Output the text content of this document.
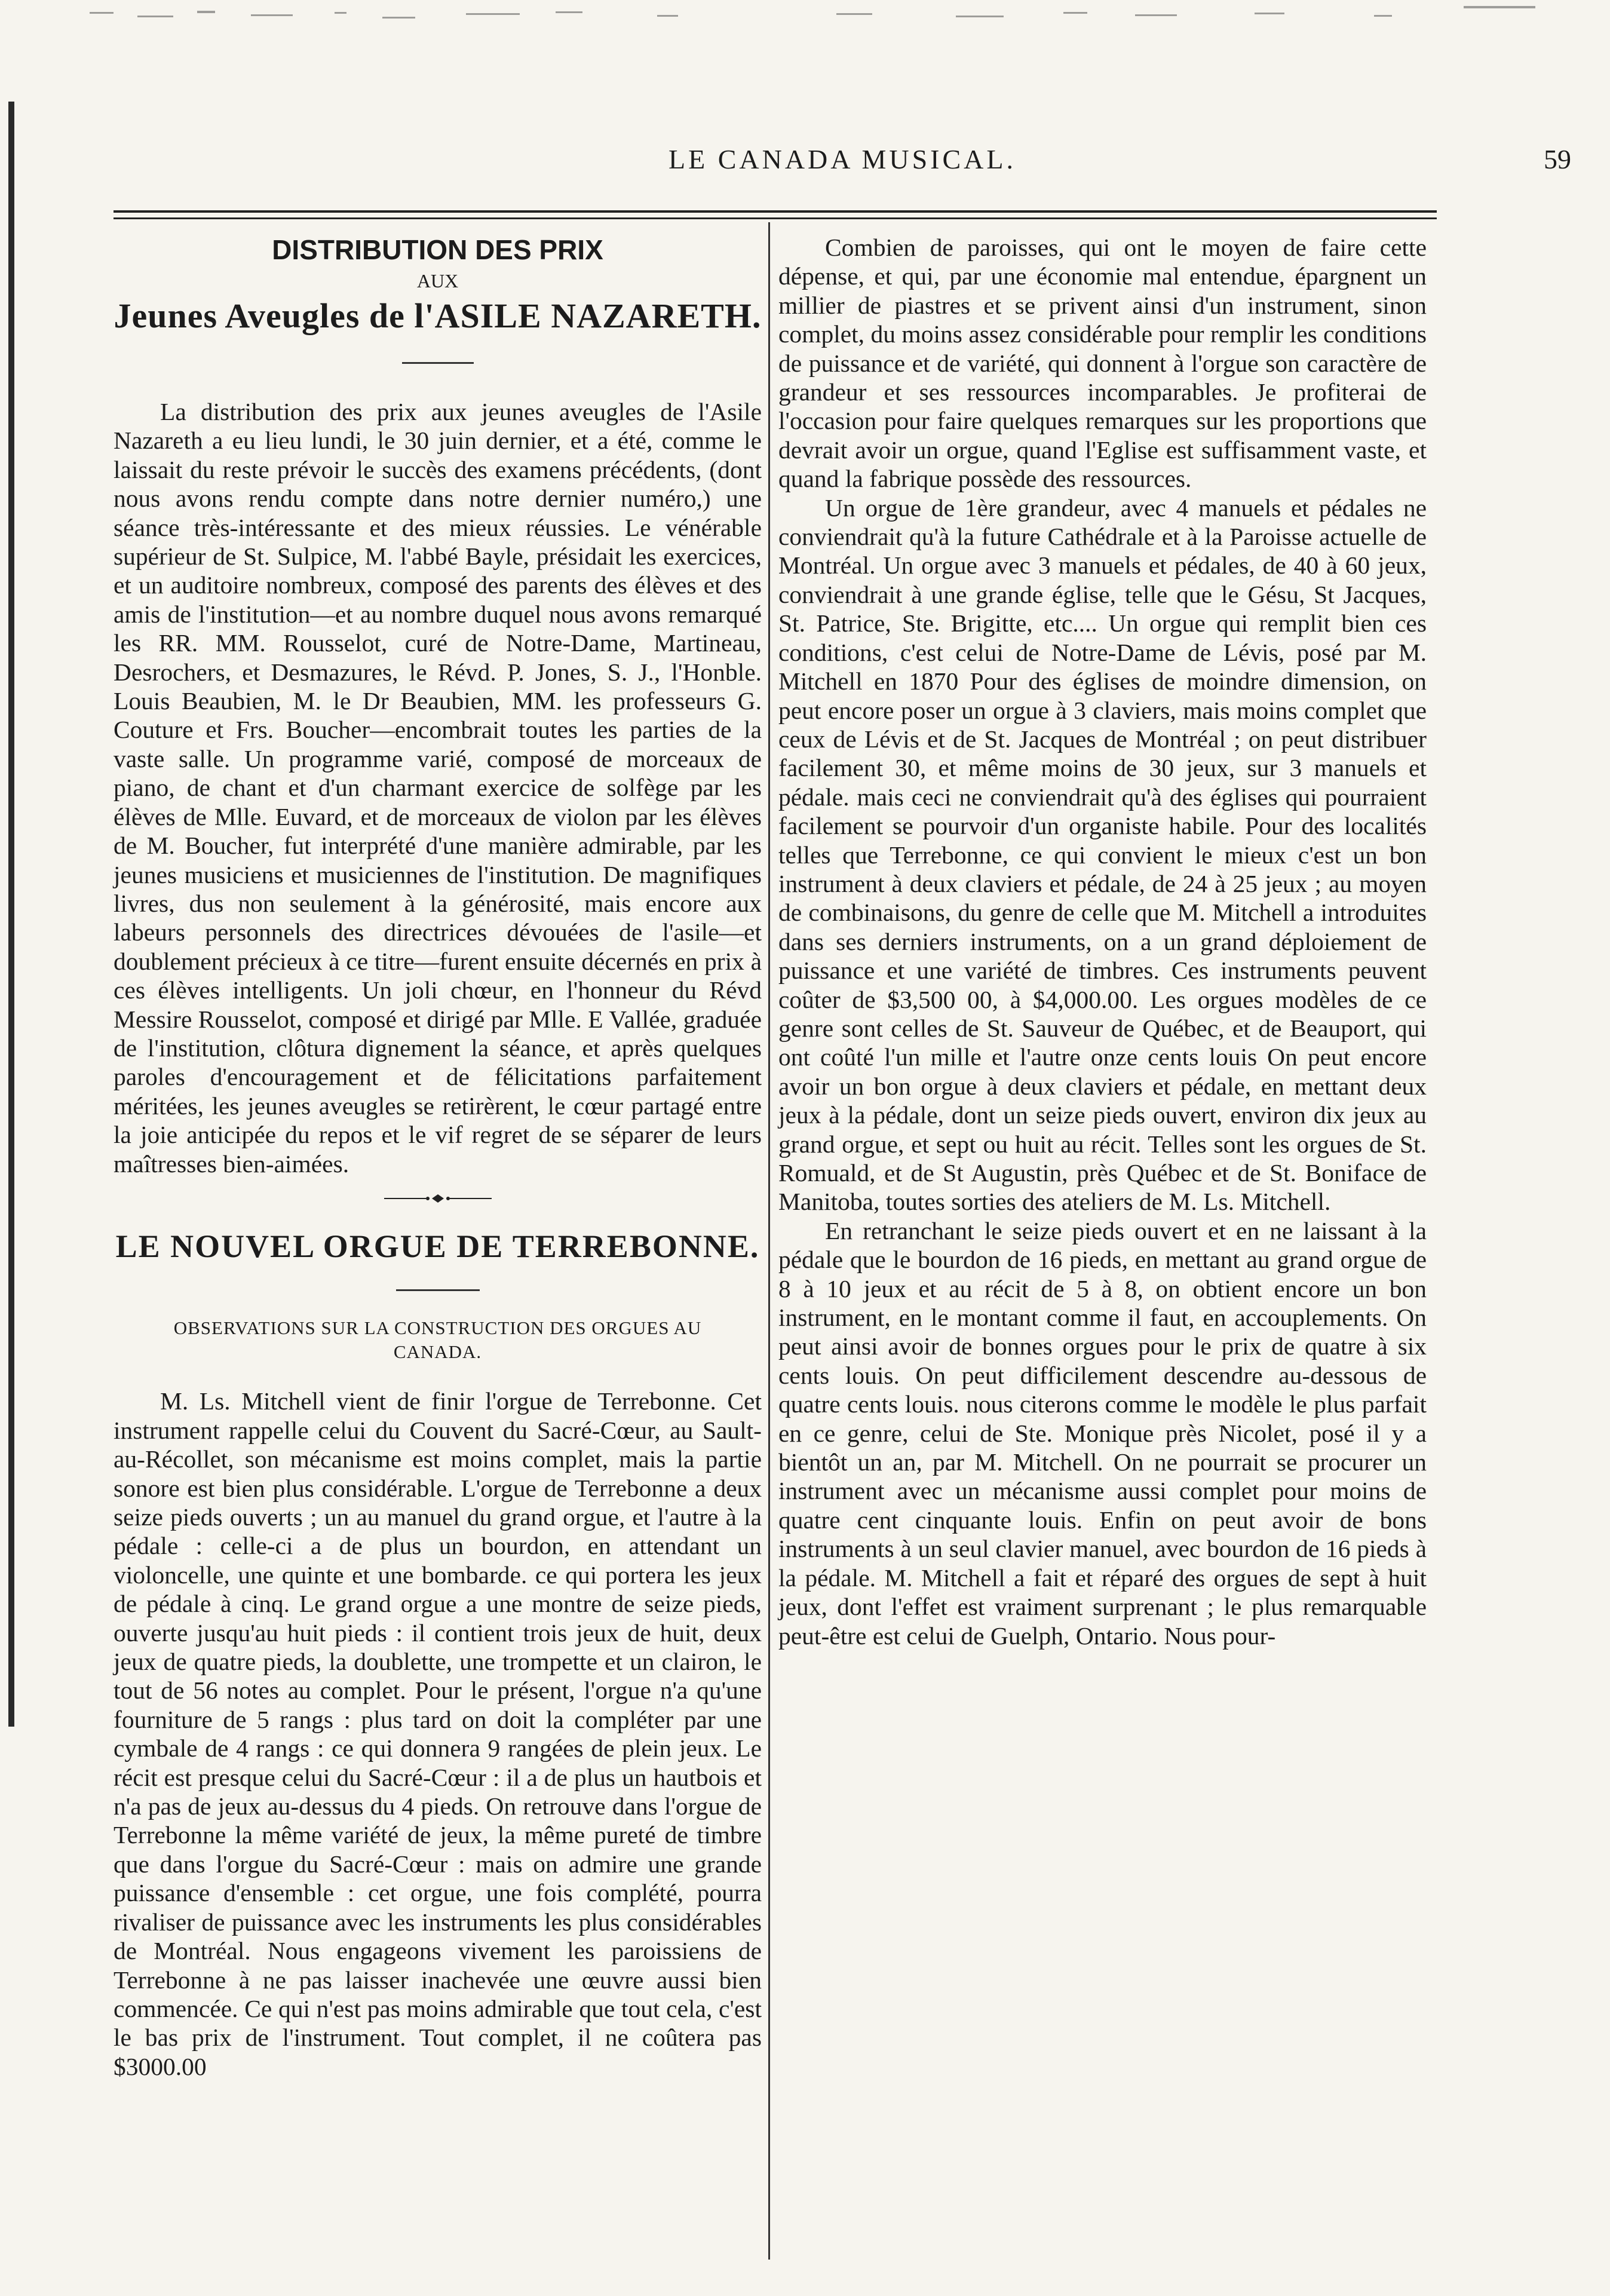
LE CANADA MUSICAL.	59
DISTRIBUTION DES PRIX
AUX
Jeunes Aveugles de l'ASILE NAZARETH.

La distribution des prix aux jeunes aveugles de l'Asile Nazareth a eu lieu lundi, le 30 juin dernier, et a été, comme le laissait du reste prévoir le succès des examens précédents, (dont nous avons rendu compte dans notre dernier numéro,) une séance très-intéressante et des mieux réussies. Le vénérable supérieur de St. Sulpice, M. l'abbé Bayle, présidait les exercices, et un auditoire nombreux, composé des parents des élèves et des amis de l'institution—et au nombre duquel nous avons remarqué les RR. MM. Rousselot, curé de Notre-Dame, Martineau, Desrochers, et Desmazures, le Révd. P. Jones, S. J., l'Honble. Louis Beaubien, M. le Dr Beaubien, MM. les professeurs G. Couture et Frs. Boucher—encombrait toutes les parties de la vaste salle. Un programme varié, composé de morceaux de piano, de chant et d'un charmant exercice de solfège par les élèves de Mlle. Euvard, et de morceaux de violon par les élèves de M. Boucher, fut interprété d'une manière admirable, par les jeunes musiciens et musiciennes de l'institution. De magnifiques livres, dus non seulement à la générosité, mais encore aux labeurs personnels des directrices dévouées de l'asile—et doublement précieux à ce titre—furent ensuite décernés en prix à ces élèves intelligents. Un joli chœur, en l'honneur du Révd Messire Rousselot, composé et dirigé par Mlle. E Vallée, graduée de l'institution, clôtura dignement la séance, et après quelques paroles d'encouragement et de félicitations parfaitement méritées, les jeunes aveugles se retirèrent, le cœur partagé entre la joie anticipée du repos et le vif regret de se séparer de leurs maîtresses bien-aimées.

LE NOUVEL ORGUE DE TERREBONNE.
OBSERVATIONS SUR LA CONSTRUCTION DES ORGUES AU CANADA.

M. Ls. Mitchell vient de finir l'orgue de Terrebonne. Cet instrument rappelle celui du Couvent du Sacré-Cœur, au Sault-au-Récollet, son mécanisme est moins complet, mais la partie sonore est bien plus considérable. L'orgue de Terrebonne a deux seize pieds ouverts ; un au manuel du grand orgue, et l'autre à la pédale : celle-ci a de plus un bourdon, en attendant un violoncelle, une quinte et une bombarde. ce qui portera les jeux de pédale à cinq. Le grand orgue a une montre de seize pieds, ouverte jusqu'au huit pieds : il contient trois jeux de huit, deux jeux de quatre pieds, la doublette, une trompette et un clairon, le tout de 56 notes au complet. Pour le présent, l'orgue n'a qu'une fourniture de 5 rangs : plus tard on doit la compléter par une cymbale de 4 rangs : ce qui donnera 9 rangées de plein jeux. Le récit est presque celui du Sacré-Cœur : il a de plus un hautbois et n'a pas de jeux au-dessus du 4 pieds. On retrouve dans l'orgue de Terrebonne la même variété de jeux, la même pureté de timbre que dans l'orgue du Sacré-Cœur : mais on admire une grande puissance d'ensemble : cet orgue, une fois complété, pourra rivaliser de puissance avec les instruments les plus considérables de Montréal. Nous engageons vivement les paroissiens de Terrebonne à ne pas laisser inachevée une œuvre aussi bien commencée. Ce qui n'est pas moins admirable que tout cela, c'est le bas prix de l'instrument. Tout complet, il ne coûtera pas $3000.00

Combien de paroisses, qui ont le moyen de faire cette dépense, et qui, par une économie mal entendue, épargnent un millier de piastres et se privent ainsi d'un instrument, sinon complet, du moins assez considérable pour remplir les conditions de puissance et de variété, qui donnent à l'orgue son caractère de grandeur et ses ressources incomparables. Je profiterai de l'occasion pour faire quelques remarques sur les proportions que devrait avoir un orgue, quand l'Eglise est suffisamment vaste, et quand la fabrique possède des ressources.

Un orgue de 1ère grandeur, avec 4 manuels et pédales ne conviendrait qu'à la future Cathédrale et à la Paroisse actuelle de Montréal. Un orgue avec 3 manuels et pédales, de 40 à 60 jeux, conviendrait à une grande église, telle que le Gésu, St Jacques, St. Patrice, Ste. Brigitte, etc.... Un orgue qui remplit bien ces conditions, c'est celui de Notre-Dame de Lévis, posé par M. Mitchell en 1870 Pour des églises de moindre dimension, on peut encore poser un orgue à 3 claviers, mais moins complet que ceux de Lévis et de St. Jacques de Montréal ; on peut distribuer facilement 30, et même moins de 30 jeux, sur 3 manuels et pédale. mais ceci ne conviendrait qu'à des églises qui pourraient facilement se pourvoir d'un organiste habile. Pour des localités telles que Terrebonne, ce qui convient le mieux c'est un bon instrument à deux claviers et pédale, de 24 à 25 jeux ; au moyen de combinaisons, du genre de celle que M. Mitchell a introduites dans ses derniers instruments, on a un grand déploiement de puissance et une variété de timbres. Ces instruments peuvent coûter de $3,500 00, à $4,000.00. Les orgues modèles de ce genre sont celles de St. Sauveur de Québec, et de Beauport, qui ont coûté l'un mille et l'autre onze cents louis On peut encore avoir un bon orgue à deux claviers et pédale, en mettant deux jeux à la pédale, dont un seize pieds ouvert, environ dix jeux au grand orgue, et sept ou huit au récit. Telles sont les orgues de St. Romuald, et de St Augustin, près Québec et de St. Boniface de Manitoba, toutes sorties des ateliers de M. Ls. Mitchell.

En retranchant le seize pieds ouvert et en ne laissant à la pédale que le bourdon de 16 pieds, en mettant au grand orgue de 8 à 10 jeux et au récit de 5 à 8, on obtient encore un bon instrument, en le montant comme il faut, en accouplements. On peut ainsi avoir de bonnes orgues pour le prix de quatre à six cents louis. On peut difficilement descendre au-dessous de quatre cents louis. nous citerons comme le modèle le plus parfait en ce genre, celui de Ste. Monique près Nicolet, posé il y a bientôt un an, par M. Mitchell. On ne pourrait se procurer un instrument avec un mécanisme aussi complet pour moins de quatre cent cinquante louis. Enfin on peut avoir de bons instruments à un seul clavier manuel, avec bourdon de 16 pieds à la pédale. M. Mitchell a fait et réparé des orgues de sept à huit jeux, dont l'effet est vraiment surprenant ; le plus remarquable peut-être est celui de Guelph, Ontario. Nous pour-
